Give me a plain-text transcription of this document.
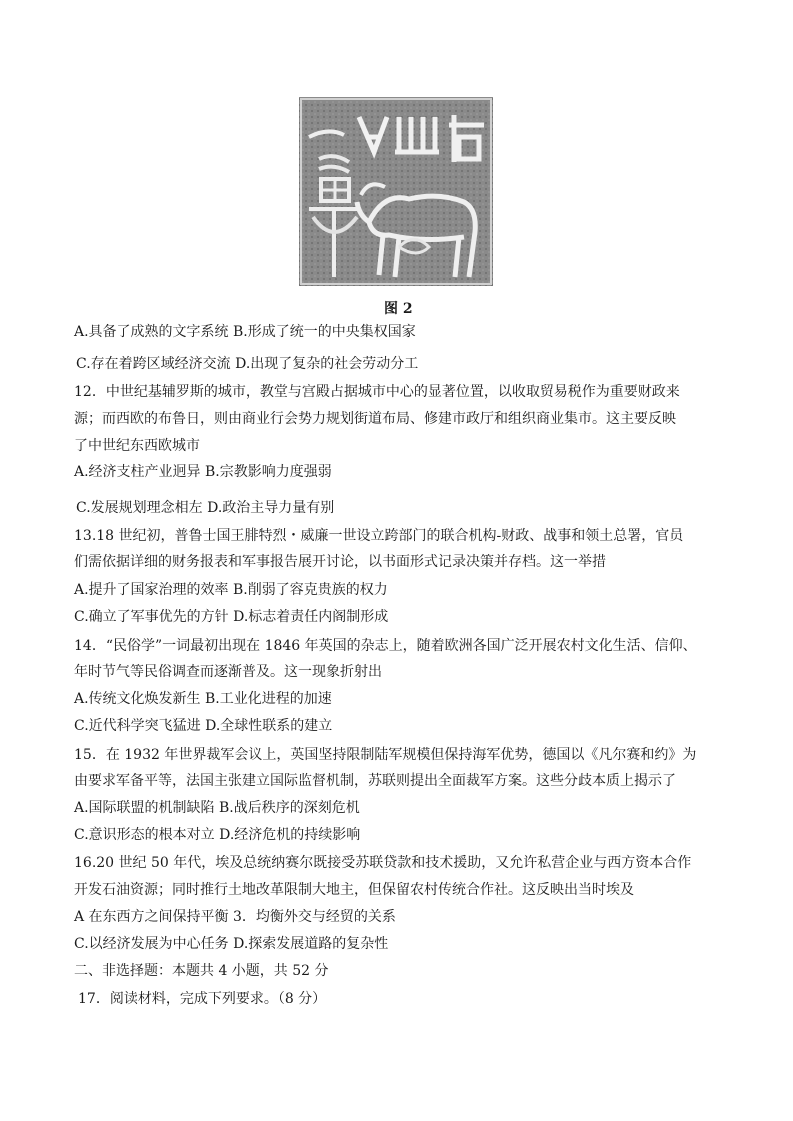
图 2
A.具备了成熟的文字系统 B.形成了统一的中央集权国家
C.存在着跨区域经济交流 D.出现了复杂的社会劳动分工
12．中世纪基辅罗斯的城市，教堂与宫殿占据城市中心的显著位置，以收取贸易税作为重要财政来
源；而西欧的布鲁日，则由商业行会势力规划街道布局、修建市政厅和组织商业集市。这主要反映
了中世纪东西欧城市
A.经济支柱产业迥异 B.宗教影响力度强弱
C.发展规划理念相左 D.政治主导力量有别
13.18 世纪初，普鲁士国王腓特烈・威廉一世设立跨部门的联合机构-财政、战事和领土总署，官员
们需依据详细的财务报表和军事报告展开讨论，以书面形式记录决策并存档。这一举措
A.提升了国家治理的效率 B.削弱了容克贵族的权力
C.确立了军事优先的方针 D.标志着责任内阁制形成
14．“民俗学”一词最初出现在 1846 年英国的杂志上，随着欧洲各国广泛开展农村文化生活、信仰、
年时节气等民俗调查而逐渐普及。这一现象折射出
A.传统文化焕发新生 B.工业化进程的加速
C.近代科学突飞猛进 D.全球性联系的建立
15．在 1932 年世界裁军会议上，英国坚持限制陆军规模但保持海军优势，德国以《凡尔赛和约》为
由要求军备平等，法国主张建立国际监督机制，苏联则提出全面裁军方案。这些分歧本质上揭示了
A.国际联盟的机制缺陷 B.战后秩序的深刻危机
C.意识形态的根本对立 D.经济危机的持续影响
16.20 世纪 50 年代，埃及总统纳赛尔既接受苏联贷款和技术援助，又允许私营企业与西方资本合作
开发石油资源；同时推行土地改革限制大地主，但保留农村传统合作社。这反映出当时埃及
A 在东西方之间保持平衡 3．均衡外交与经贸的关系
C.以经济发展为中心任务 D.探索发展道路的复杂性
二、非选择题：本题共 4 小题，共 52 分
17．阅读材料，完成下列要求。（8 分）
